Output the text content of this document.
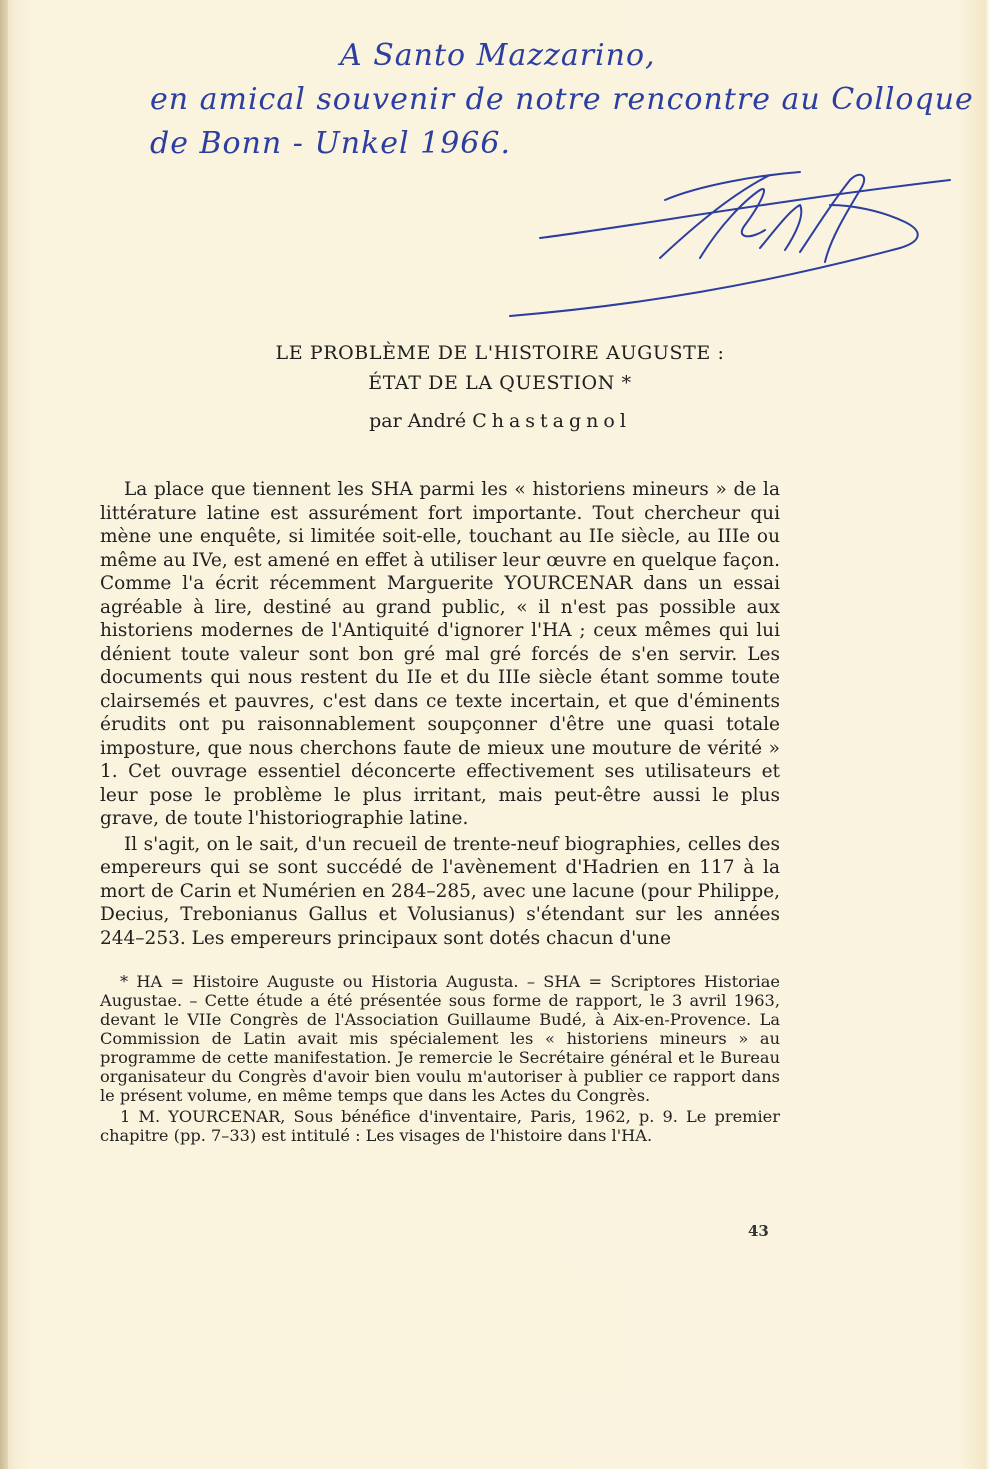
A Santo Mazzarino,
en amical souvenir de notre rencontre au Colloque
de Bonn - Unkel 1966.
LE PROBLÈME DE L'HISTOIRE AUGUSTE :
ÉTAT DE LA QUESTION *
par André Chastagnol

La place que tiennent les SHA parmi les « historiens mineurs » de la littérature latine est assurément fort importante. Tout chercheur qui mène une enquête, si limitée soit-elle, touchant au IIe siècle, au IIIe ou même au IVe, est amené en effet à utiliser leur œuvre en quelque façon. Comme l'a écrit récemment Marguerite YOURCENAR dans un essai agréable à lire, destiné au grand public, « il n'est pas possible aux historiens modernes de l'Antiquité d'ignorer l'HA ; ceux mêmes qui lui dénient toute valeur sont bon gré mal gré forcés de s'en servir. Les documents qui nous restent du IIe et du IIIe siècle étant somme toute clairsemés et pauvres, c'est dans ce texte incertain, et que d'éminents érudits ont pu raisonnablement soupçonner d'être une quasi totale imposture, que nous cherchons faute de mieux une mouture de vérité » 1. Cet ouvrage essentiel déconcerte effectivement ses utilisateurs et leur pose le problème le plus irritant, mais peut-être aussi le plus grave, de toute l'historiographie latine.

Il s'agit, on le sait, d'un recueil de trente-neuf biographies, celles des empereurs qui se sont succédé de l'avènement d'Hadrien en 117 à la mort de Carin et Numérien en 284–285, avec une lacune (pour Philippe, Decius, Trebonianus Gallus et Volusianus) s'étendant sur les années 244–253. Les empereurs principaux sont dotés chacun d'une

* HA = Histoire Auguste ou Historia Augusta. – SHA = Scriptores Historiae Augustae. – Cette étude a été présentée sous forme de rapport, le 3 avril 1963, devant le VIIe Congrès de l'Association Guillaume Budé, à Aix-en-Provence. La Commission de Latin avait mis spécialement les « historiens mineurs » au programme de cette manifestation. Je remercie le Secrétaire général et le Bureau organisateur du Congrès d'avoir bien voulu m'autoriser à publier ce rapport dans le présent volume, en même temps que dans les Actes du Congrès.

1 M. YOURCENAR, Sous bénéfice d'inventaire, Paris, 1962, p. 9. Le premier chapitre (pp. 7–33) est intitulé : Les visages de l'histoire dans l'HA.

43
